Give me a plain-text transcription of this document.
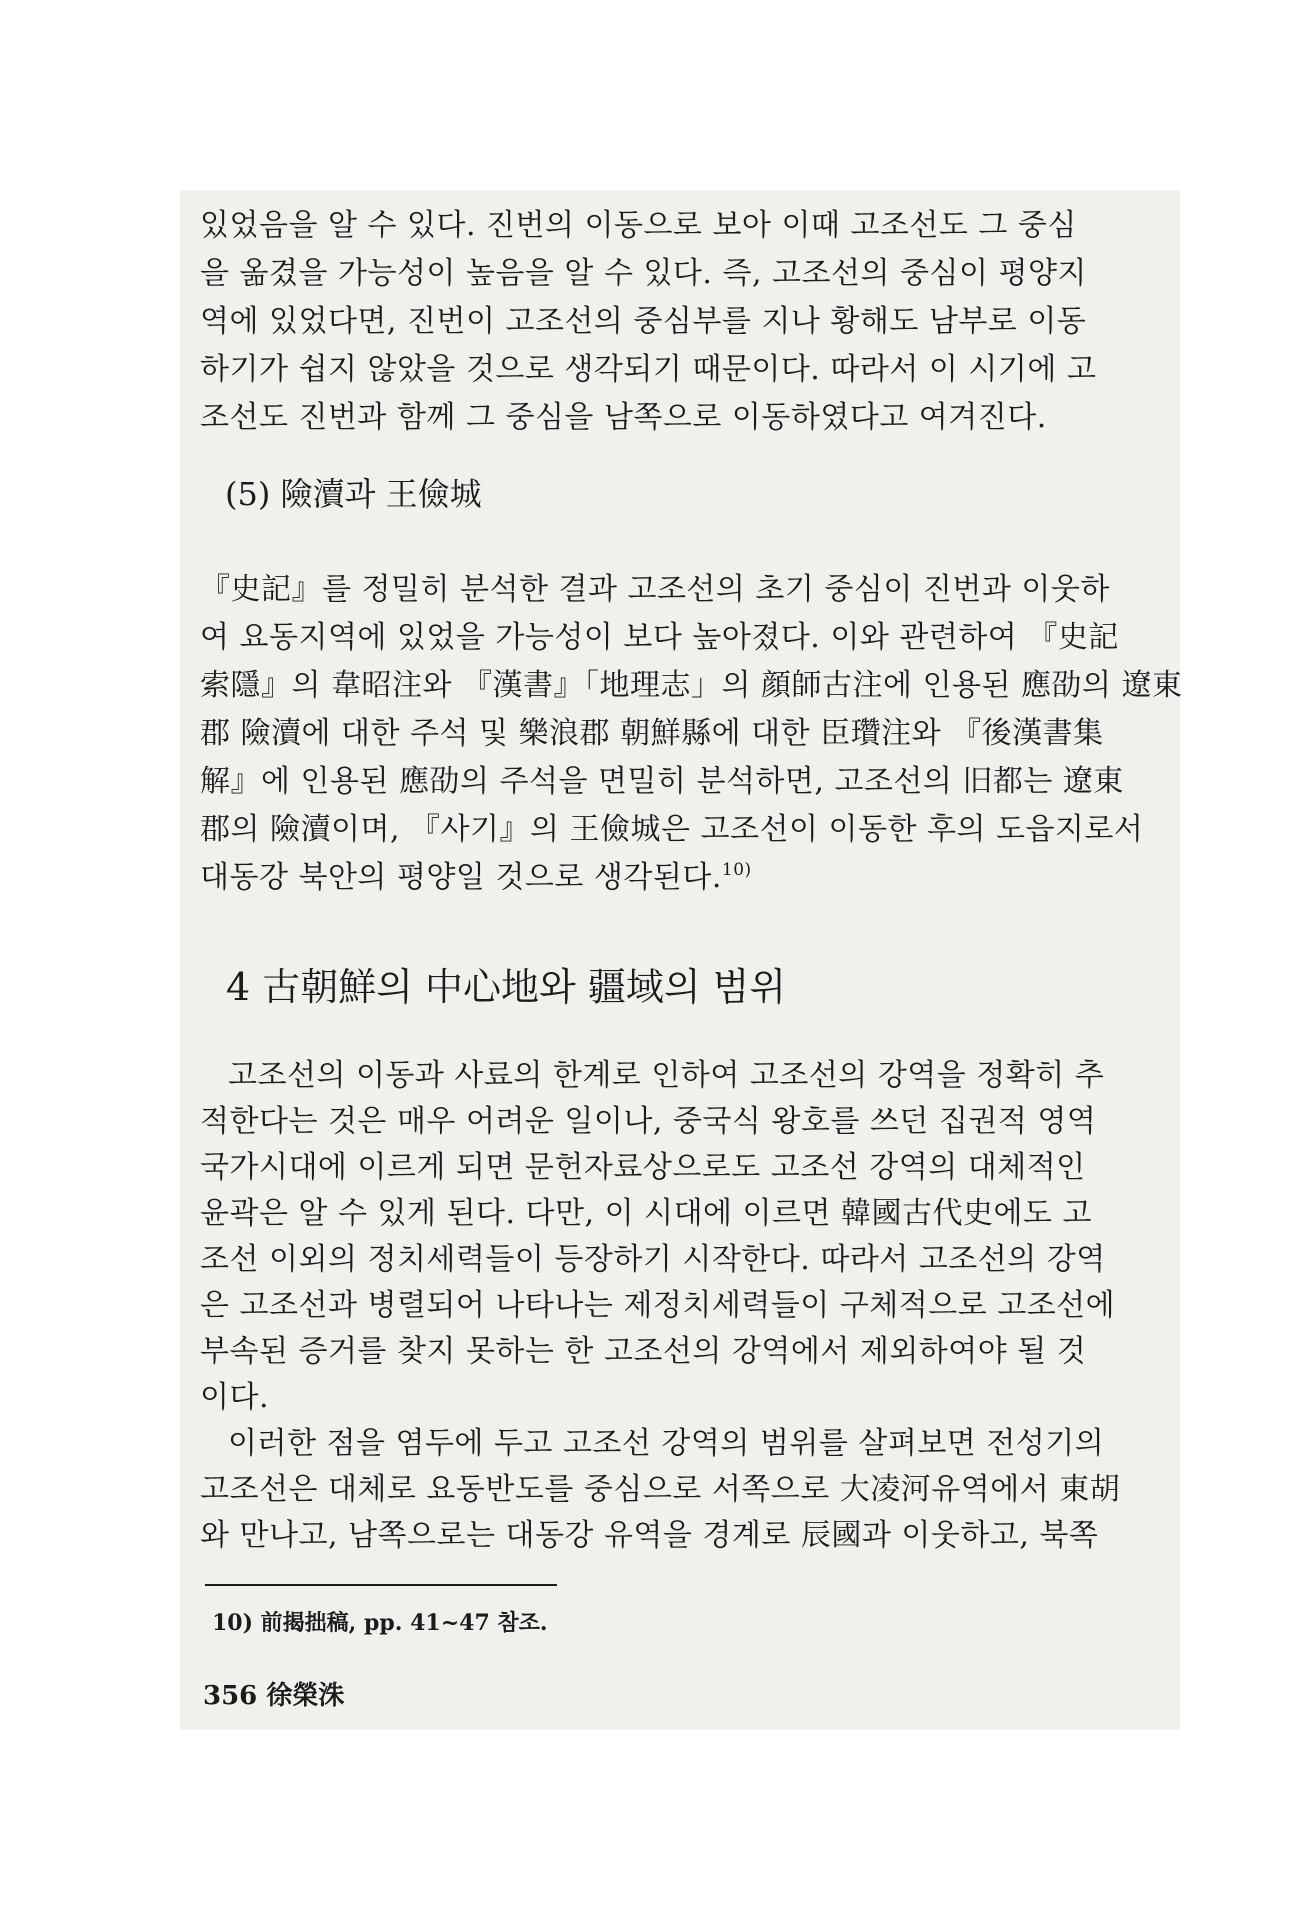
있었음을 알 수 있다. 진번의 이동으로 보아 이때 고조선도 그 중심
을 옮겼을 가능성이 높음을 알 수 있다. 즉, 고조선의 중심이 평양지
역에 있었다면, 진번이 고조선의 중심부를 지나 황해도 남부로 이동
하기가 쉽지 않았을 것으로 생각되기 때문이다. 따라서 이 시기에 고
조선도 진번과 함께 그 중심을 남쪽으로 이동하였다고 여겨진다.
(5) 險瀆과 王儉城
『史記』를 정밀히 분석한 결과 고조선의 초기 중심이 진번과 이웃하
여 요동지역에 있었을 가능성이 보다 높아졌다. 이와 관련하여 『史記
索隱』의 韋昭注와 『漢書』「地理志」의 顔師古注에 인용된 應劭의 遼東
郡 險瀆에 대한 주석 및 樂浪郡 朝鮮縣에 대한 臣瓚注와 『後漢書集
解』에 인용된 應劭의 주석을 면밀히 분석하면, 고조선의 旧都는 遼東
郡의 險瀆이며, 『사기』의 王儉城은 고조선이 이동한 후의 도읍지로서
대동강 북안의 평양일 것으로 생각된다.$^{10)}$
4 古朝鮮의 中心地와 疆域의 범위
고조선의 이동과 사료의 한계로 인하여 고조선의 강역을 정확히 추
적한다는 것은 매우 어려운 일이나, 중국식 왕호를 쓰던 집권적 영역
국가시대에 이르게 되면 문헌자료상으로도 고조선 강역의 대체적인
윤곽은 알 수 있게 된다. 다만, 이 시대에 이르면 韓國古代史에도 고
조선 이외의 정치세력들이 등장하기 시작한다. 따라서 고조선의 강역
은 고조선과 병렬되어 나타나는 제정치세력들이 구체적으로 고조선에
부속된 증거를 찾지 못하는 한 고조선의 강역에서 제외하여야 될 것
이다.
이러한 점을 염두에 두고 고조선 강역의 범위를 살펴보면 전성기의
고조선은 대체로 요동반도를 중심으로 서쪽으로 大凌河유역에서 東胡
와 만나고, 남쪽으로는 대동강 유역을 경계로 辰國과 이웃하고, 북쪽
10) 前揭拙稿, pp. 41~47 참조.
356 徐榮洙
